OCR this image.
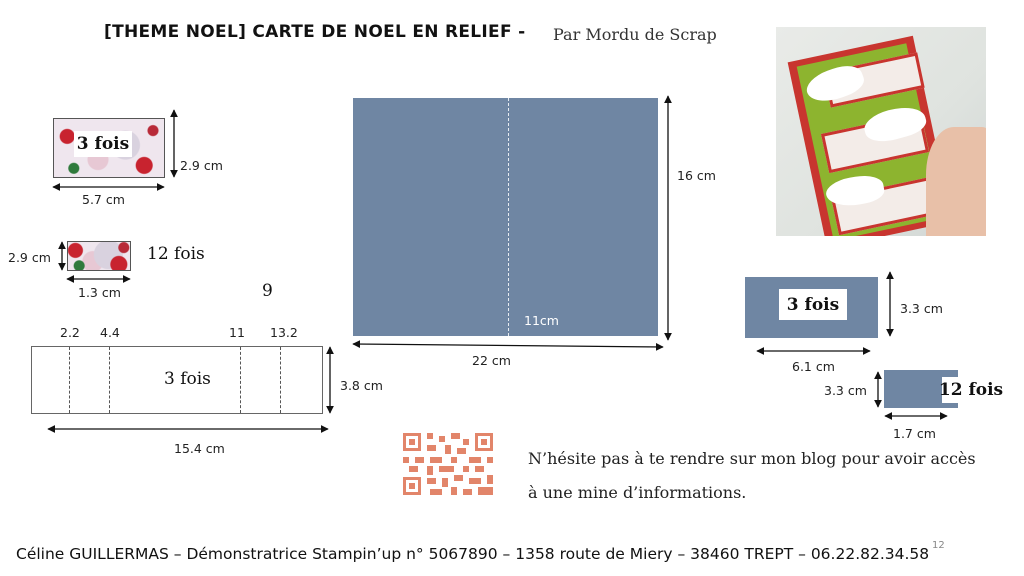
[THEME NOEL] CARTE DE NOEL EN RELIEF - Par Mordu de Scrap
3 fois
2.9 cm
5.7 cm
2.9 cm	12 fois
1.3 cm	9
2.2 4.4	11 13.2
3 fois	3.8 cm
15.4 cm
11cm
16 cm
22 cm
3 fois	3.3 cm
6.1 cm
12 fois
3.3 cm
1.7 cm
N’hésite pas à te rendre sur mon blog pour avoir accès
à une mine d’informations.
Céline GUILLERMAS – Démonstratrice Stampin’up n° 5067890 – 1358 route de Miery – 38460 TREPT – 06.22.82.34.58 12
